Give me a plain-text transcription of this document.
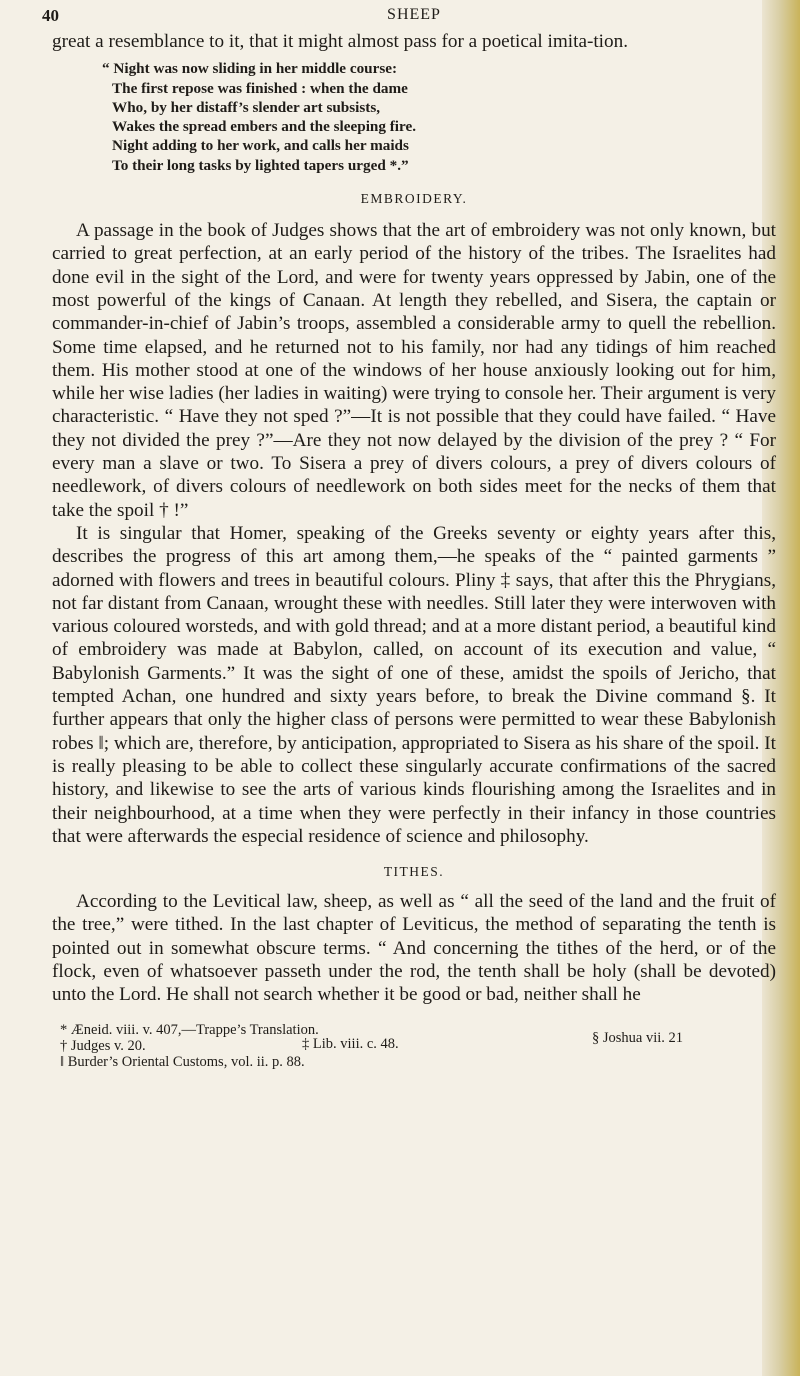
40	SHEEP

great a resemblance to it, that it might almost pass for a poetical imita-tion.

“ Night was now sliding in her middle course:
The first repose was finished : when the dame
Who, by her distaff’s slender art subsists,
Wakes the spread embers and the sleeping fire.
Night adding to her work, and calls her maids
To their long tasks by lighted tapers urged *.”
EMBROIDERY.

A passage in the book of Judges shows that the art of embroidery was not only known, but carried to great perfection, at an early period of the history of the tribes. The Israelites had done evil in the sight of the Lord, and were for twenty years oppressed by Jabin, one of the most powerful of the kings of Canaan. At length they rebelled, and Sisera, the captain or commander-in-chief of Jabin’s troops, assembled a considerable army to quell the rebellion. Some time elapsed, and he returned not to his family, nor had any tidings of him reached them. His mother stood at one of the windows of her house anxiously looking out for him, while her wise ladies (her ladies in waiting) were trying to console her. Their argument is very characteristic. “ Have they not sped ?”—It is not possible that they could have failed. “ Have they not divided the prey ?”—Are they not now delayed by the division of the prey ? “ For every man a slave or two. To Sisera a prey of divers colours, a prey of divers colours of needlework, of divers colours of needlework on both sides meet for the necks of them that take the spoil † !”

It is singular that Homer, speaking of the Greeks seventy or eighty years after this, describes the progress of this art among them,—he speaks of the “ painted garments ” adorned with flowers and trees in beautiful colours. Pliny ‡ says, that after this the Phrygians, not far distant from Canaan, wrought these with needles. Still later they were interwoven with various coloured worsteds, and with gold thread; and at a more distant period, a beautiful kind of embroidery was made at Babylon, called, on account of its execution and value, “ Babylonish Garments.” It was the sight of one of these, amidst the spoils of Jericho, that tempted Achan, one hundred and sixty years before, to break the Divine command §. It further appears that only the higher class of persons were permitted to wear these Babylonish robes ‖; which are, therefore, by anticipation, appropriated to Sisera as his share of the spoil. It is really pleasing to be able to collect these singularly accurate confirmations of the sacred history, and likewise to see the arts of various kinds flourishing among the Israelites and in their neighbourhood, at a time when they were perfectly in their infancy in those countries that were afterwards the especial residence of science and philosophy.

TITHES.

According to the Levitical law, sheep, as well as “ all the seed of the land and the fruit of the tree,” were tithed. In the last chapter of Leviticus, the method of separating the tenth is pointed out in somewhat obscure terms. “ And concerning the tithes of the herd, or of the flock, even of whatsoever passeth under the rod, the tenth shall be holy (shall be devoted) unto the Lord. He shall not search whether it be good or bad, neither shall he

* Æneid. viii. v. 407,—Trappe’s Translation.
‡ Lib. viii. c. 48.	§ Joshua vii. 21
† Judges v. 20.
‖ Burder’s Oriental Customs, vol. ii. p. 88.
